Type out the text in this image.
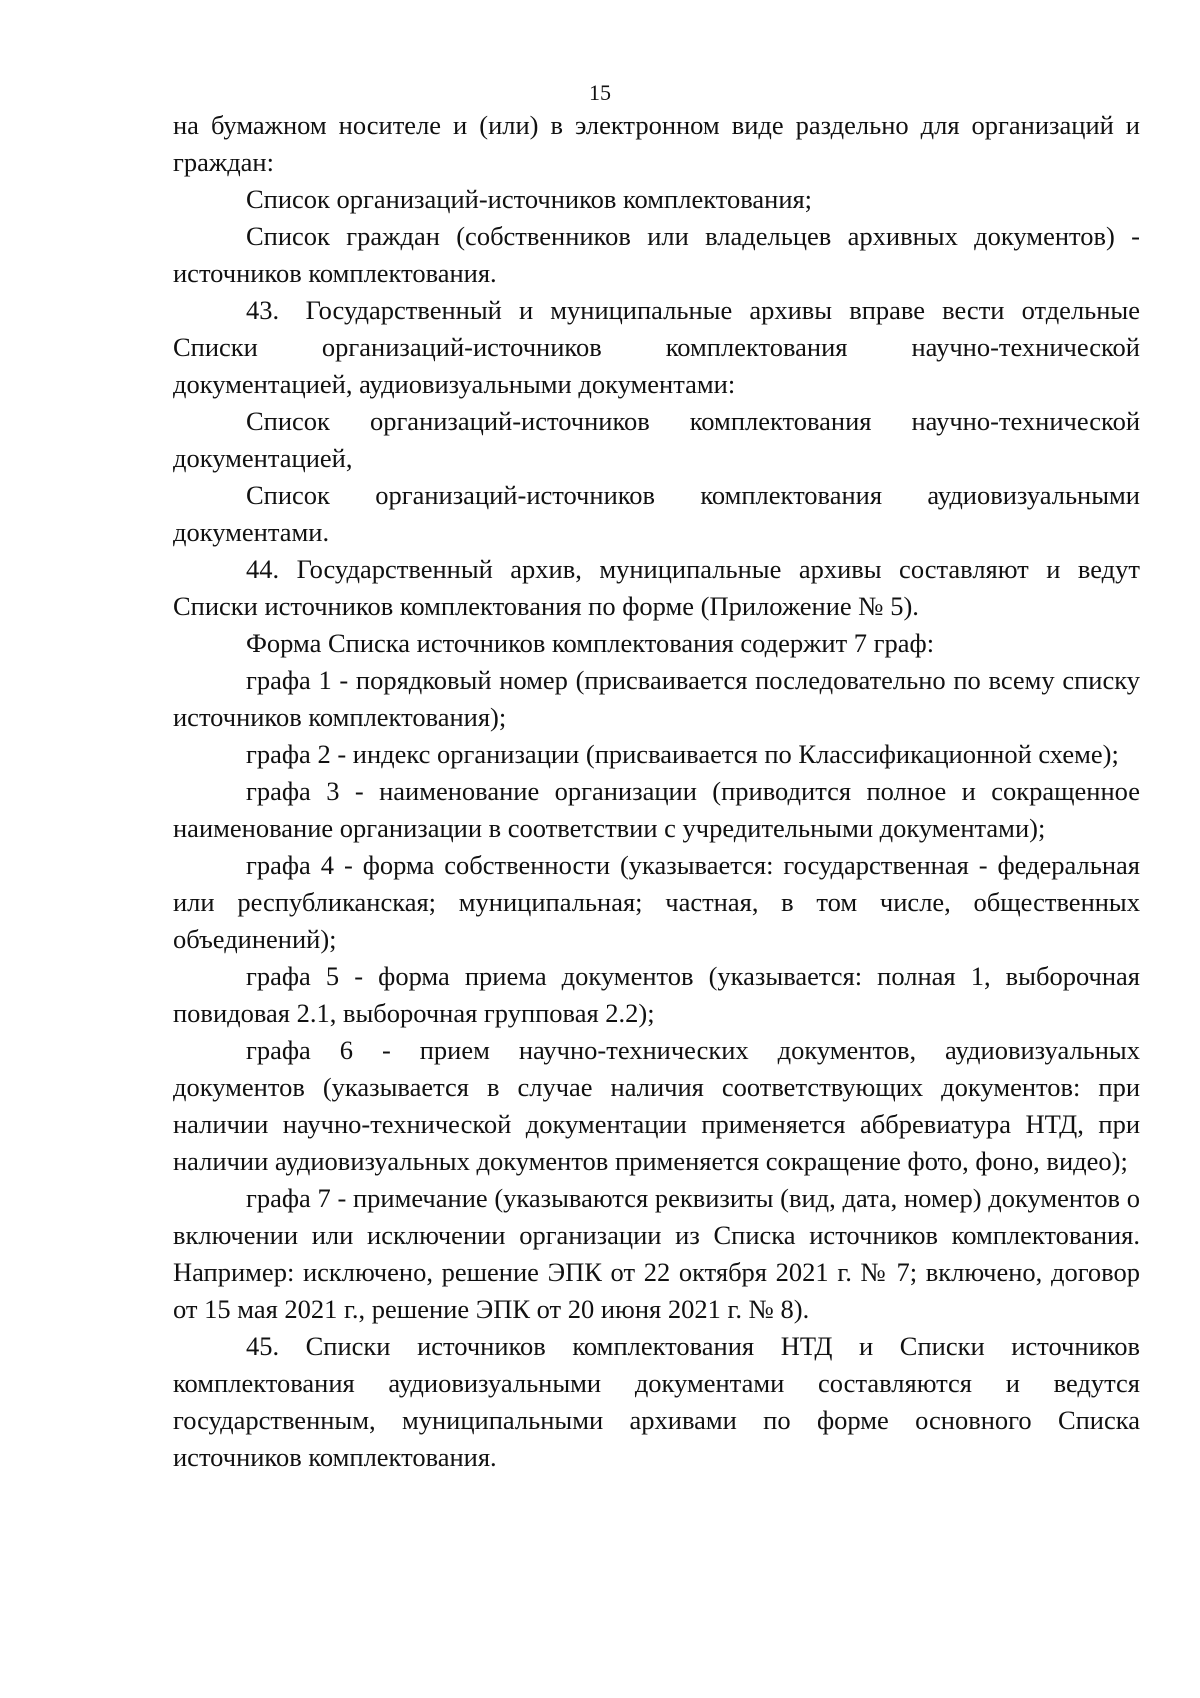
15

на бумажном носителе и (или) в электронном виде раздельно для организаций и граждан:

Список организаций-источников комплектования;

Список граждан (собственников или владельцев архивных документов) - источников комплектования.

43. Государственный и муниципальные архивы вправе вести отдельные Списки организаций-источников комплектования научно-технической документацией, аудиовизуальными документами:

Список организаций-источников комплектования научно-технической документацией,

Список организаций-источников комплектования аудиовизуальными документами.

44. Государственный архив, муниципальные архивы составляют и ведут Списки источников комплектования по форме (Приложение № 5).

Форма Списка источников комплектования содержит 7 граф:

графа 1 - порядковый номер (присваивается последовательно по всему списку источников комплектования);

графа 2 - индекс организации (присваивается по Классификационной схеме);

графа 3 - наименование организации (приводится полное и сокращенное наименование организации в соответствии с учредительными документами);

графа 4 - форма собственности (указывается: государственная - федеральная или республиканская; муниципальная; частная, в том числе, общественных объединений);

графа 5 - форма приема документов (указывается: полная 1, выборочная повидовая 2.1, выборочная групповая 2.2);

графа 6 - прием научно-технических документов, аудиовизуальных документов (указывается в случае наличия соответствующих документов: при наличии научно-технической документации применяется аббревиатура НТД, при наличии аудиовизуальных документов применяется сокращение фото, фоно, видео);

графа 7 - примечание (указываются реквизиты (вид, дата, номер) документов о включении или исключении организации из Списка источников комплектования. Например: исключено, решение ЭПК от 22 октября 2021 г. № 7; включено, договор от 15 мая 2021 г., решение ЭПК от 20 июня 2021 г. № 8).

45. Списки источников комплектования НТД и Списки источников комплектования аудиовизуальными документами составляются и ведутся государственным, муниципальными архивами по форме основного Списка источников комплектования.
